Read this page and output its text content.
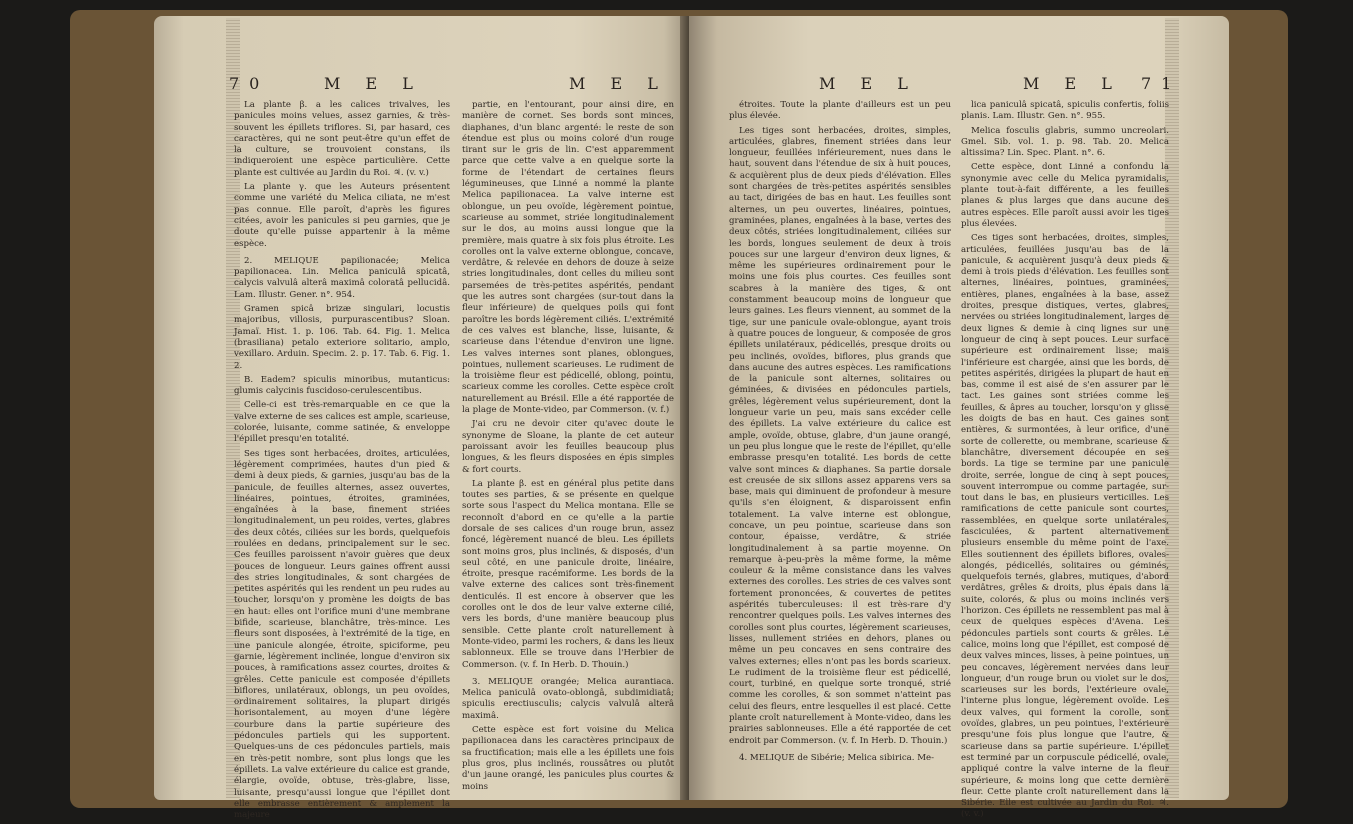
70	M E L	M E L

La plante β. a les calices trivalves, les panicules moins velues, assez garnies, & très-souvent les épillets triflores. Si, par hasard, ces caractères, qui ne sont peut-être qu'un effet de la culture, se trouvoient constans, ils indiqueroient une espèce particulière. Cette plante est cultivée au Jardin du Roi. ♃. (v. v.)

La plante γ. que les Auteurs présentent comme une variété du Melica ciliata, ne m'est pas connue. Elle paroît, d'après les figures citées, avoir les panicules si peu garnies, que je doute qu'elle puisse appartenir à la même espèce.

2. MELIQUE papilionacée; Melica papilionacea. Lin. Melica paniculâ spicatâ, calycis valvulâ alterâ maximâ coloratâ pellucidâ. Lam. Illustr. Gener. n°. 954.

Gramen spicâ brizæ singulari, locustis majoribus, villosis, purpurascentibus? Sloan. Jamaï. Hist. 1. p. 106. Tab. 64. Fig. 1. Melica (brasiliana) petalo exteriore solitario, amplo, vexillaro. Arduin. Specim. 2. p. 17. Tab. 6. Fig. 1. 2.

B. Eadem? spiculis minoribus, mutanticus: glumis calycinis fuscidoso-cerulescentibus.

Celle-ci est très-remarquable en ce que la valve externe de ses calices est ample, scarieuse, colorée, luisante, comme satinée, & enveloppe l'épillet presqu'en totalité.

Ses tiges sont herbacées, droites, articulées, légèrement comprimées, hautes d'un pied & demi à deux pieds, & garnies, jusqu'au bas de la panicule, de feuilles alternes, assez ouvertes, linéaires, pointues, étroites, graminées, engaînées à la base, finement striées longitudinalement, un peu roides, vertes, glabres des deux côtés, ciliées sur les bords, quelquefois roulées en dedans, principalement sur le sec. Ces feuilles paroissent n'avoir guères que deux pouces de longueur. Leurs gaines offrent aussi des stries longitudinales, & sont chargées de petites aspérités qui les rendent un peu rudes au toucher, lorsqu'on y promène les doigts de bas en haut: elles ont l'orifice muni d'une membrane bifide, scarieuse, blanchâtre, très-mince. Les fleurs sont disposées, à l'extrémité de la tige, en une panicule alongée, étroite, spiciforme, peu garnie, légèrement inclinée, longue d'environ six pouces, à ramifications assez courtes, droites & grêles. Cette panicule est composée d'épillets biflores, unilatéraux, oblongs, un peu ovoïdes, ordinairement solitaires, la plupart dirigés horisontalement, au moyen d'une légère courbure dans la partie supérieure des pédoncules partiels qui les supportent. Quelques-uns de ces pédoncules partiels, mais en très-petit nombre, sont plus longs que les épillets. La valve extérieure du calice est grande, élargie, ovoïde, obtuse, très-glabre, lisse, luisante, presqu'aussi longue que l'épillet dont elle embrasse entièrement & amplement la majeure

partie, en l'entourant, pour ainsi dire, en manière de cornet. Ses bords sont minces, diaphanes, d'un blanc argenté: le reste de son étendue est plus ou moins coloré d'un rouge tirant sur le gris de lin. C'est apparemment parce que cette valve a en quelque sorte la forme de l'étendart de certaines fleurs légumineuses, que Linné a nommé la plante Melica papilionacea. La valve interne est oblongue, un peu ovoïde, légèrement pointue, scarieuse au sommet, striée longitudinalement sur le dos, au moins aussi longue que la première, mais quatre à six fois plus étroite. Les corolles ont la valve externe oblongue, concave, verdâtre, & relevée en dehors de douze à seize stries longitudinales, dont celles du milieu sont parsemées de très-petites aspérités, pendant que les autres sont chargées (sur-tout dans la fleur inférieure) de quelques poils qui font paroître les bords légèrement ciliés. L'extrémité de ces valves est blanche, lisse, luisante, & scarieuse dans l'étendue d'environ une ligne. Les valves internes sont planes, oblongues, pointues, nullement scarieuses. Le rudiment de la troisième fleur est pédicellé, oblong, pointu, scarieux comme les corolles. Cette espèce croît naturellement au Brésil. Elle a été rapportée de la plage de Monte-video, par Commerson. (v. f.)

J'ai cru ne devoir citer qu'avec doute le synonyme de Sloane, la plante de cet auteur paroissant avoir les feuilles beaucoup plus longues, & les fleurs disposées en épis simples & fort courts.

La plante β. est en général plus petite dans toutes ses parties, & se présente en quelque sorte sous l'aspect du Melica montana. Elle se reconnoît d'abord en ce qu'elle a la partie dorsale de ses calices d'un rouge brun, assez foncé, légèrement nuancé de bleu. Les épillets sont moins gros, plus inclinés, & disposés, d'un seul côté, en une panicule droite, linéaire, étroite, presque racémiforme. Les bords de la valve externe des calices sont très-finement denticulés. Il est encore à observer que les corolles ont le dos de leur valve externe cilié, vers les bords, d'une manière beaucoup plus sensible. Cette plante croît naturellement à Monte-video, parmi les rochers, & dans les lieux sablonneux. Elle se trouve dans l'Herbier de Commerson. (v. f. In Herb. D. Thouin.)

3. MELIQUE orangée; Melica aurantiaca. Melica paniculâ ovato-oblongâ, subdimidiatâ; spiculis erectiusculis; calycis valvulâ alterâ maximâ.

Cette espèce est fort voisine du Melica papilionacea dans les caractères principaux de sa fructification; mais elle a les épillets une fois plus gros, plus inclinés, roussâtres ou plutôt d'un jaune orangé, les panicules plus courtes & moins

M E L	M E L 71

étroites. Toute la plante d'ailleurs est un peu plus élevée.

Les tiges sont herbacées, droites, simples, articulées, glabres, finement striées dans leur longueur, feuillées inférieurement, nues dans le haut, souvent dans l'étendue de six à huit pouces, & acquièrent plus de deux pieds d'élévation. Elles sont chargées de très-petites aspérités sensibles au tact, dirigées de bas en haut. Les feuilles sont alternes, un peu ouvertes, linéaires, pointues, graminées, planes, engaînées à la base, vertes des deux côtés, striées longitudinalement, ciliées sur les bords, longues seulement de deux à trois pouces sur une largeur d'environ deux lignes, & même les supérieures ordinairement pour le moins une fois plus courtes. Ces feuilles sont scabres à la manière des tiges, & ont constamment beaucoup moins de longueur que leurs gaines. Les fleurs viennent, au sommet de la tige, sur une panicule ovale-oblongue, ayant trois à quatre pouces de longueur, & composée de gros épillets unilatéraux, pédicellés, presque droits ou peu inclinés, ovoïdes, biflores, plus grands que dans aucune des autres espèces. Les ramifications de la panicule sont alternes, solitaires ou géminées, & divisées en pédoncules partiels, grêles, légèrement velus supérieurement, dont la longueur varie un peu, mais sans excéder celle des épillets. La valve extérieure du calice est ample, ovoïde, obtuse, glabre, d'un jaune orangé, un peu plus longue que le reste de l'épillet, qu'elle embrasse presqu'en totalité. Les bords de cette valve sont minces & diaphanes. Sa partie dorsale est creusée de six sillons assez apparens vers sa base, mais qui diminuent de profondeur à mesure qu'ils s'en éloignent, & disparoissent enfin totalement. La valve interne est oblongue, concave, un peu pointue, scarieuse dans son contour, épaisse, verdâtre, & striée longitudinalement à sa partie moyenne. On remarque à-peu-près la même forme, la même couleur & la même consistance dans les valves externes des corolles. Les stries de ces valves sont fortement prononcées, & couvertes de petites aspérités tuberculeuses: il est très-rare d'y rencontrer quelques poils. Les valves internes des corolles sont plus courtes, légèrement scarieuses, lisses, nullement striées en dehors, planes ou même un peu concaves en sens contraire des valves externes; elles n'ont pas les bords scarieux. Le rudiment de la troisième fleur est pédicellé, court, turbiné, en quelque sorte tronqué, strié comme les corolles, & son sommet n'atteint pas celui des fleurs, entre lesquelles il est placé. Cette plante croît naturellement à Monte-video, dans les prairies sablonneuses. Elle a été rapportée de cet endroit par Commerson. (v. f. In Herb. D. Thouin.)

4. MELIQUE de Sibérie; Melica sibirica. Me-

lica paniculâ spicatâ, spiculis confertis, foliis planis. Lam. Illustr. Gen. n°. 955.

Melica fosculis glabris, summo uncreolari. Gmel. Sib. vol. 1. p. 98. Tab. 20. Melica altissima? Lin. Spec. Plant. n°. 6.

Cette espèce, dont Linné a confondu la synonymie avec celle du Melica pyramidalis, plante tout-à-fait différente, a les feuilles planes & plus larges que dans aucune des autres espèces. Elle paroît aussi avoir les tiges plus élevées.

Ces tiges sont herbacées, droites, simples, articulées, feuillées jusqu'au bas de la panicule, & acquièrent jusqu'à deux pieds & demi à trois pieds d'élévation. Les feuilles sont alternes, linéaires, pointues, graminées, entières, planes, engaînées à la base, assez droites, presque distiques, vertes, glabres, nervées ou striées longitudinalement, larges de deux lignes & demie à cinq lignes sur une longueur de cinq à sept pouces. Leur surface supérieure est ordinairement lisse; mais l'inférieure est chargée, ainsi que les bords, de petites aspérités, dirigées la plupart de haut en bas, comme il est aisé de s'en assurer par le tact. Les gaines sont striées comme les feuilles, & âpres au toucher, lorsqu'on y glisse les doigts de bas en haut. Ces gaines sont entières, & surmontées, à leur orifice, d'une sorte de collerette, ou membrane, scarieuse & blanchâtre, diversement découpée en ses bords. La tige se termine par une panicule droite, serrée, longue de cinq à sept pouces, souvent interrompue ou comme partagée, sur-tout dans le bas, en plusieurs verticilles. Les ramifications de cette panicule sont courtes, rassemblées, en quelque sorte unilatérales, fasciculées, & partent alternativement plusieurs ensemble du même point de l'axe. Elles soutiennent des épillets biflores, ovales-alongés, pédicellés, solitaires ou géminés, quelquefois ternés, glabres, mutiques, d'abord verdâtres, grêles & droits, plus épais dans la suite, colorés, & plus ou moins inclinés vers l'horizon. Ces épillets ne ressemblent pas mal à ceux de quelques espèces d'Avena. Les pédoncules partiels sont courts & grêles. Le calice, moins long que l'épillet, est composé de deux valves minces, lisses, à peine pointues, un peu concaves, légèrement nervées dans leur longueur, d'un rouge brun ou violet sur le dos, scarieuses sur les bords, l'extérieure ovale, l'interne plus longue, légèrement ovoïde. Les deux valves, qui forment la corolle, sont ovoïdes, glabres, un peu pointues, l'extérieure presqu'une fois plus longue que l'autre, & scarieuse dans sa partie supérieure. L'épillet est terminé par un corpuscule pédicellé, ovale, appliqué contre la valve interne de la fleur supérieure, & moins long que cette dernière fleur. Cette plante croît naturellement dans la Sibérie. Elle est cultivée au Jardin du Roi. ♃. (v. v.)
